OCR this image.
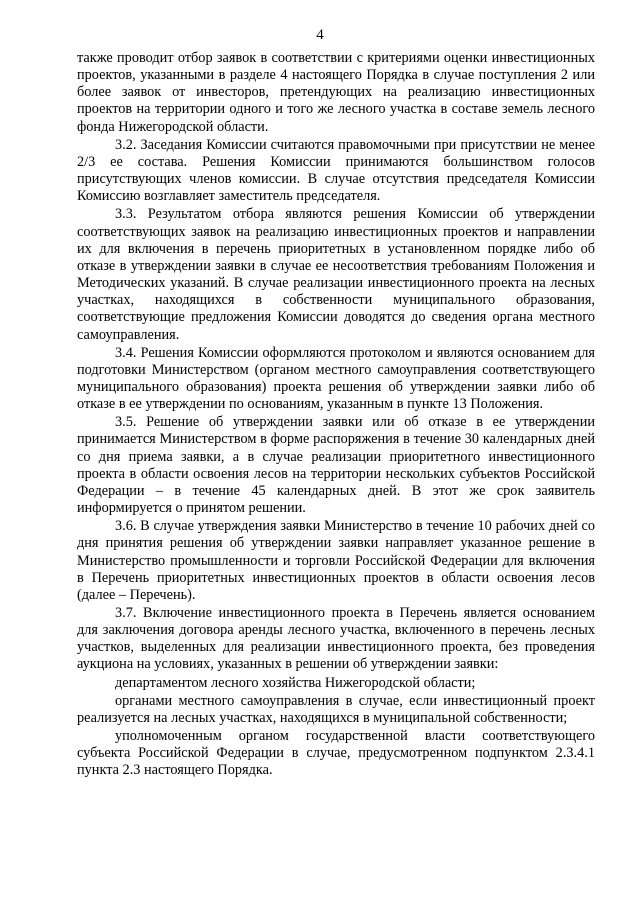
4

также проводит отбор заявок в соответствии с критериями оценки инвестиционных проектов, указанными в разделе 4 настоящего Порядка в случае поступления 2 или более заявок от инвесторов, претендующих на реализацию инвестиционных проектов на территории одного и того же лесного участка в составе земель лесного фонда Нижегородской области.

3.2. Заседания Комиссии считаются правомочными при присутствии не менее 2/3 ее состава. Решения Комиссии принимаются большинством голосов присутствующих членов комиссии. В случае отсутствия председателя Комиссии Комиссию возглавляет заместитель председателя.

3.3. Результатом отбора являются решения Комиссии об утверждении соответствующих заявок на реализацию инвестиционных проектов и направлении их для включения в перечень приоритетных в установленном порядке либо об отказе в утверждении заявки в случае ее несоответствия требованиям Положения и Методических указаний. В случае реализации инвестиционного проекта на лесных участках, находящихся в собственности муниципального образования, соответствующие предложения Комиссии доводятся до сведения органа местного самоуправления.

3.4. Решения Комиссии оформляются протоколом и являются основанием для подготовки Министерством (органом местного самоуправления соответствующего муниципального образования) проекта решения об утверждении заявки либо об отказе в ее утверждении по основаниям, указанным в пункте 13 Положения.

3.5. Решение об утверждении заявки или об отказе в ее утверждении принимается Министерством в форме распоряжения в течение 30 календарных дней со дня приема заявки, а в случае реализации приоритетного инвестиционного проекта в области освоения лесов на территории нескольких субъектов Российской Федерации – в течение 45 календарных дней. В этот же срок заявитель информируется о принятом решении.

3.6. В случае утверждения заявки Министерство в течение 10 рабочих дней со дня принятия решения об утверждении заявки направляет указанное решение в Министерство промышленности и торговли Российской Федерации для включения в Перечень приоритетных инвестиционных проектов в области освоения лесов (далее – Перечень).

3.7. Включение инвестиционного проекта в Перечень является основанием для заключения договора аренды лесного участка, включенного в перечень лесных участков, выделенных для реализации инвестиционного проекта, без проведения аукциона на условиях, указанных в решении об утверждении заявки:

департаментом лесного хозяйства Нижегородской области;

органами местного самоуправления в случае, если инвестиционный проект реализуется на лесных участках, находящихся в муниципальной собственности;

уполномоченным органом государственной власти соответствующего субъекта Российской Федерации в случае, предусмотренном подпунктом 2.3.4.1 пункта 2.3 настоящего Порядка.
